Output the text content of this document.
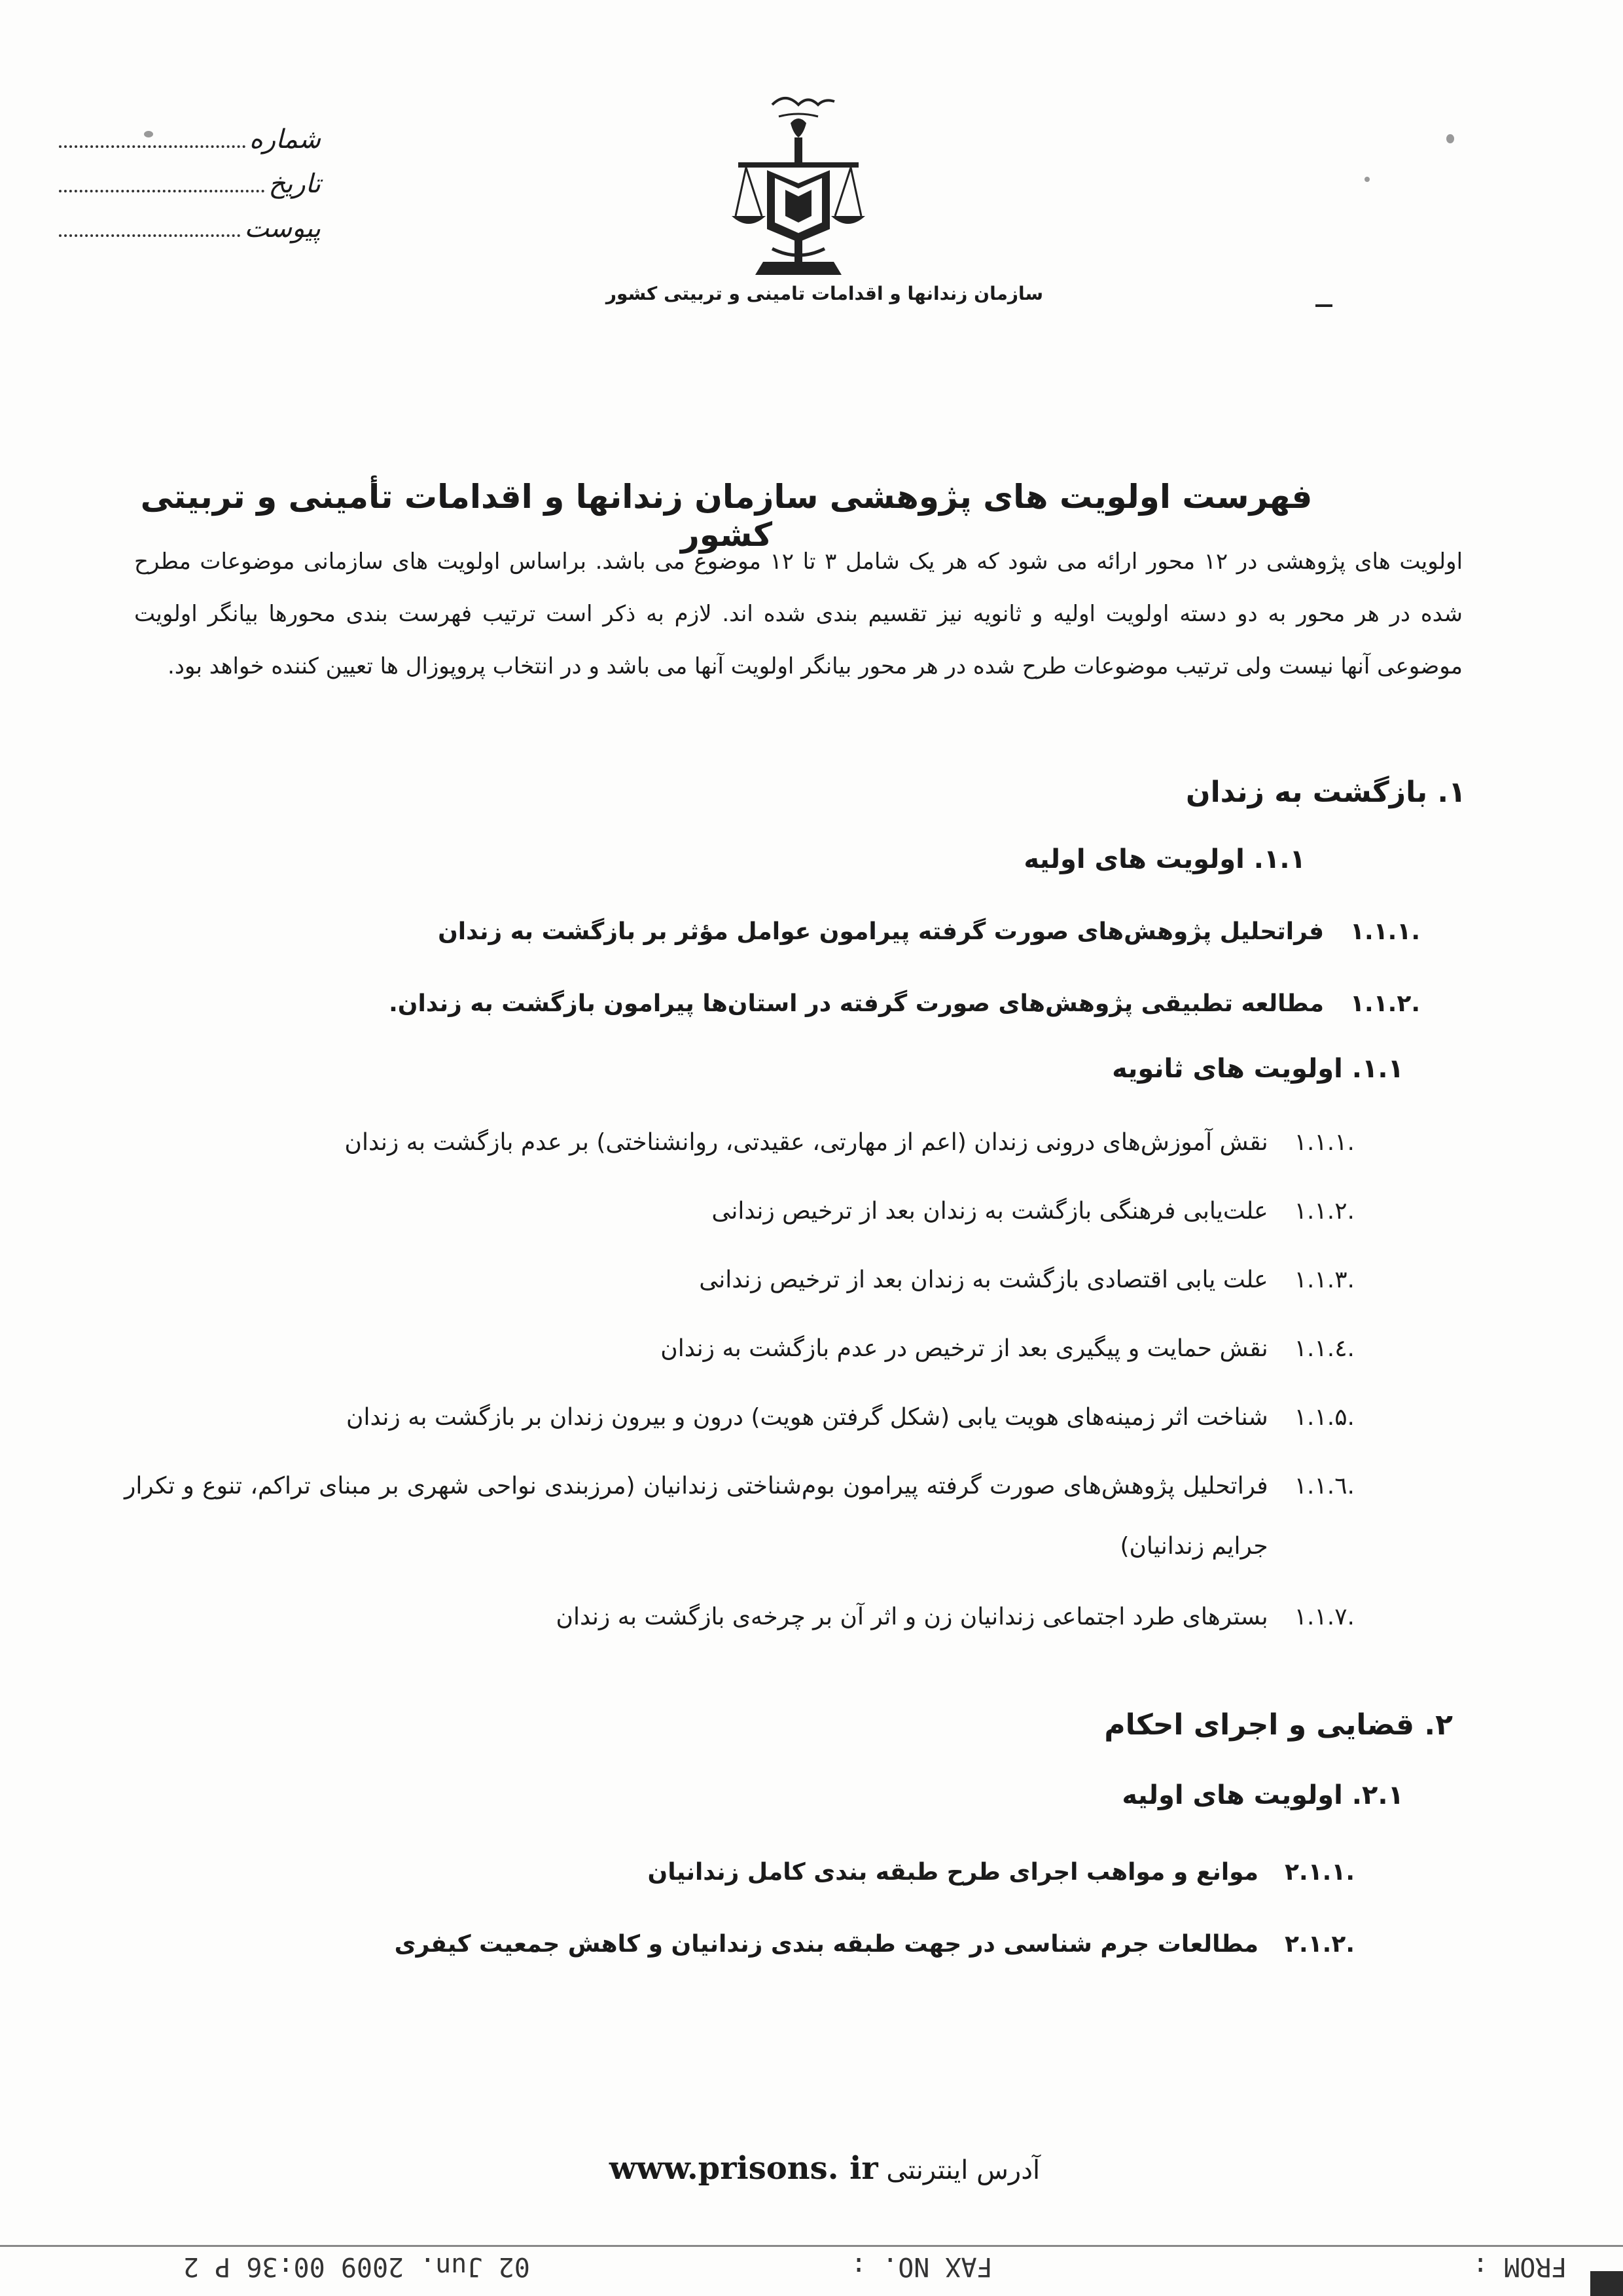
شماره
تاریخ
پیوست
سازمان زندانها و اقدامات تامینی و تربیتی کشور
فهرست اولویت های پژوهشی سازمان زندانها و اقدامات تأمینی و تربیتی کشور
اولویت های پژوهشی در ۱۲ محور ارائه می شود که هر یک شامل ۳ تا ۱۲ موضوع می باشد. براساس اولویت های سازمانی موضوعات مطرح شده در هر محور به دو دسته اولویت اولیه و ثانویه نیز تقسیم بندی شده اند. لازم به ذکر است ترتیب فهرست بندی محورها بیانگر اولویت موضوعی آنها نیست ولی ترتیب موضوعات طرح شده در هر محور بیانگر اولویت آنها می باشد و در انتخاب پروپوزال ها تعیین کننده خواهد بود.
۱. بازگشت به زندان
۱.۱. اولویت های اولیه
۱.۱.۱.
فراتحلیل پژوهش‌های صورت گرفته پیرامون عوامل مؤثر بر بازگشت به زندان
۱.۱.۲.
مطالعه تطبیقی پژوهش‌های صورت گرفته در استان‌ها پیرامون بازگشت به زندان.
۱.۱. اولویت های ثانویه
۱.۱.۱.
نقش آموزش‌های درونی زندان (اعم از مهارتی، عقیدتی، روانشناختی) بر عدم بازگشت به زندان
۱.۱.۲.
علت‌یابی فرهنگی بازگشت به زندان بعد از ترخیص زندانی
۱.۱.۳.
علت یابی اقتصادی بازگشت به زندان بعد از ترخیص زندانی
۱.۱.٤.
نقش حمایت و پیگیری بعد از ترخیص در عدم بازگشت به زندان
۱.۱.۵.
شناخت اثر زمینه‌های هویت یابی (شکل گرفتن هویت) درون و بیرون زندان بر بازگشت به زندان
۱.۱.٦.
فراتحلیل پژوهش‌های صورت گرفته پیرامون بوم‌شناختی زندانیان (مرزبندی نواحی شهری بر مبنای تراکم، تنوع و تکرار جرایم زندانیان)
۱.۱.۷.
بسترهای طرد اجتماعی زندانیان زن و اثر آن بر چرخه‌ی بازگشت به زندان
۲. قضایی و اجرای احکام
۲.۱. اولویت های اولیه
۲.۱.۱.
موانع و مواهب اجرای طرح طبقه بندی کامل زندانیان
۲.۱.۲.
مطالعات جرم شناسی در جهت طبقه بندی زندانیان و کاهش جمعیت کیفری
آدرس اینترنتی www.prisons. ir
FROM :
FAX NO. :
02 Jun. 2009 00:36 P 2
